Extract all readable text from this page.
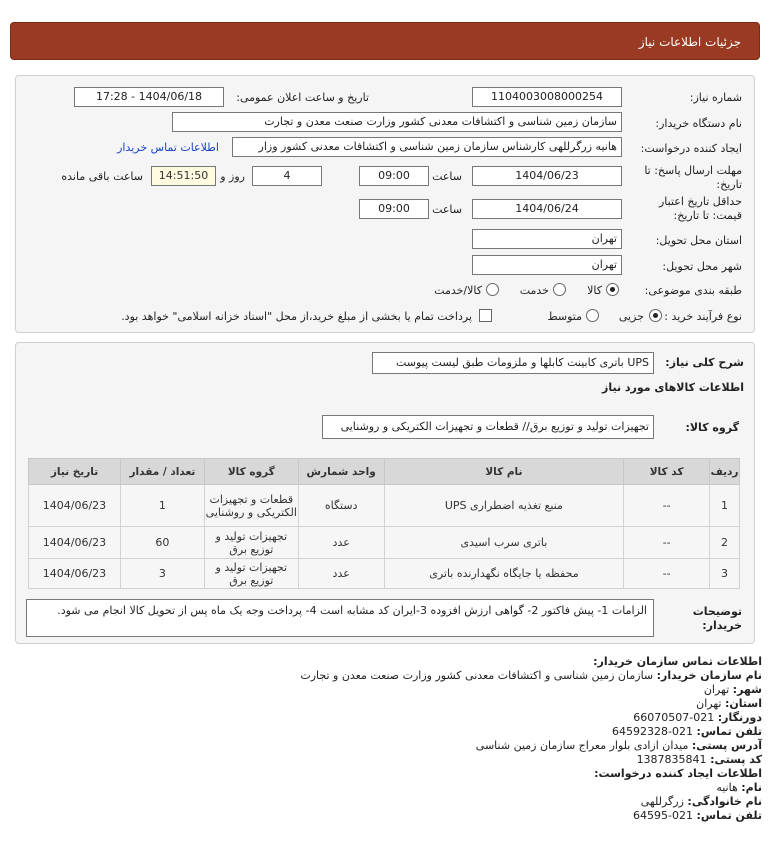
جزئیات اطلاعات نیاز
شماره نیاز:
1104003008000254
تاریخ و ساعت اعلان عمومی:
1404/06/18 - 17:28
نام دستگاه خریدار:
سازمان زمین شناسی و اکتشافات معدنی کشور وزارت صنعت معدن و تجارت
ایجاد کننده درخواست:
هانیه زرگرللهی کارشناس سازمان زمین شناسی و اکتشافات معدنی کشور وزار
اطلاعات تماس خریدار
مهلت ارسال پاسخ: تا
تاریخ:
1404/06/23
ساعت
09:00
4
روز و
14:51:50
ساعت باقی مانده
حداقل تاریخ اعتبار
قیمت: تا تاریخ:
1404/06/24
ساعت
09:00
استان محل تحویل:
تهران
شهر محل تحویل:
تهران
طبقه بندی موضوعی:
کالا
خدمت
کالا/خدمت
نوع فرآیند خرید :
جزیی
متوسط
پرداخت تمام یا بخشی از مبلغ خرید،از محل "اسناد خزانه اسلامی" خواهد بود.
شرح کلی نیاز:
UPS باتری کابینت کابلها و ملزومات طبق لیست پیوست
اطلاعات کالاهای مورد نیاز
گروه کالا:
تجهیزات تولید و توزیع برق// قطعات و تجهیزات الکتریکی و روشنایی
ردیف	کد کالا	نام کالا	واحد شمارش	گروه کالا	تعداد / مقدار	تاریخ نیاز
1	--	منبع تغذیه اضطراری UPS	دستگاه	قطعات و تجهیزات الکتریکی و روشنایی	1	1404/06/23
2	--	باتری سرب اسیدی	عدد	تجهیزات تولید و توزیع برق	60	1404/06/23
3	--	محفظه یا جایگاه نگهدارنده باتری	عدد	تجهیزات تولید و توزیع برق	3	1404/06/23
توضیحات
خریدار:
الزامات 1- پیش فاکتور 2- گواهی ارزش افزوده 3-ایران کد مشابه است 4- پرداخت وجه یک ماه پس از تحویل کالا انجام می شود.
اطلاعات تماس سازمان خریدار:
نام سازمان خریدار: سازمان زمین شناسی و اکتشافات معدنی کشور وزارت صنعت معدن و تجارت
شهر: تهران
استان: تهران
دورنگار: 021-66070507
تلفن تماس: 021-64592328
آدرس پستی: میدان ازادی بلوار معراج سازمان زمین شناسی
کد پستی: 1387835841
اطلاعات ایجاد کننده درخواست:
نام: هانیه
نام خانوادگی: زرگرللهی
تلفن تماس: 021-64595
